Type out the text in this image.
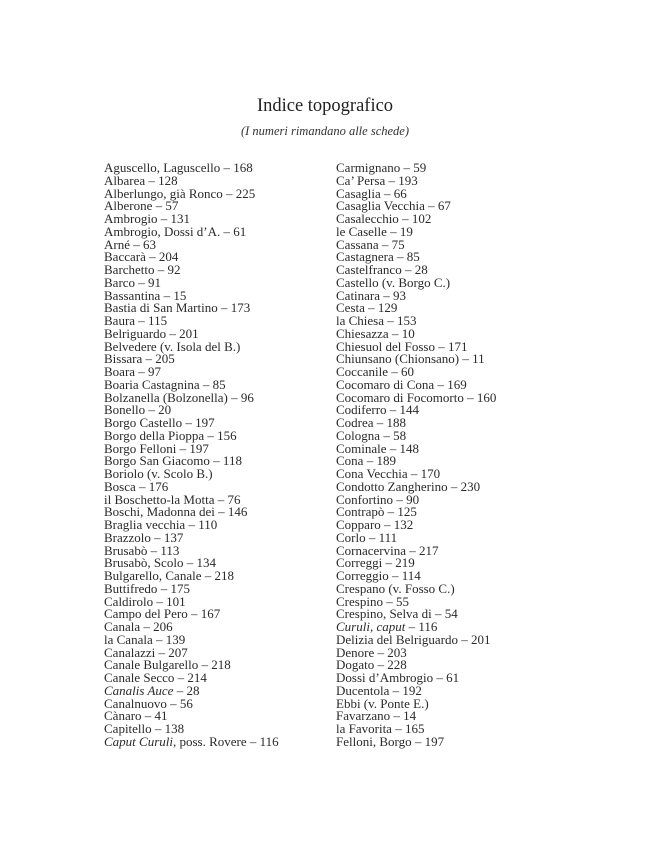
Indice topografico
(I numeri rimandano alle schede)
Aguscello, Laguscello – 168
Albarea – 128
Alberlungo, già Ronco – 225
Alberone – 57
Ambrogio – 131
Ambrogio, Dossi d’A. – 61
Arné – 63
Baccarà – 204
Barchetto – 92
Barco – 91
Bassantina – 15
Bastia di San Martino – 173
Baura – 115
Belriguardo – 201
Belvedere (v. Isola del B.)
Bissara – 205
Boara – 97
Boaria Castagnina – 85
Bolzanella (Bolzonella) – 96
Bonello – 20
Borgo Castello – 197
Borgo della Pioppa – 156
Borgo Felloni – 197
Borgo San Giacomo – 118
Boriolo (v. Scolo B.)
Bosca – 176
il Boschetto-la Motta – 76
Boschi, Madonna dei – 146
Braglia vecchia – 110
Brazzolo – 137
Brusabò – 113
Brusabò, Scolo – 134
Bulgarello, Canale – 218
Buttifredo – 175
Caldirolo – 101
Campo del Pero – 167
Canala – 206
la Canala – 139
Canalazzi – 207
Canale Bulgarello – 218
Canale Secco – 214
Canalis Auce – 28
Canalnuovo – 56
Cànaro – 41
Capitello – 138
Caput Curuli, poss. Rovere – 116
Carmignano – 59
Ca’ Persa – 193
Casaglia – 66
Casaglia Vecchia – 67
Casalecchio – 102
le Caselle – 19
Cassana – 75
Castagnera – 85
Castelfranco – 28
Castello (v. Borgo C.)
Catinara – 93
Cesta – 129
la Chiesa – 153
Chiesazza – 10
Chiesuol del Fosso – 171
Chiunsano (Chionsano) – 11
Coccanile – 60
Cocomaro di Cona – 169
Cocomaro di Focomorto – 160
Codiferro – 144
Codrea – 188
Cologna – 58
Cominale – 148
Cona – 189
Cona Vecchia – 170
Condotto Zangherino – 230
Confortino – 90
Contrapò – 125
Copparo – 132
Corlo – 111
Cornacervina – 217
Correggi – 219
Correggio – 114
Crespano (v. Fosso C.)
Crespino – 55
Crespino, Selva di – 54
Curuli, caput – 116
Delizia del Belriguardo – 201
Denore – 203
Dogato – 228
Dossi d’Ambrogio – 61
Ducentola – 192
Ebbi (v. Ponte E.)
Favarzano – 14
la Favorita – 165
Felloni, Borgo – 197
